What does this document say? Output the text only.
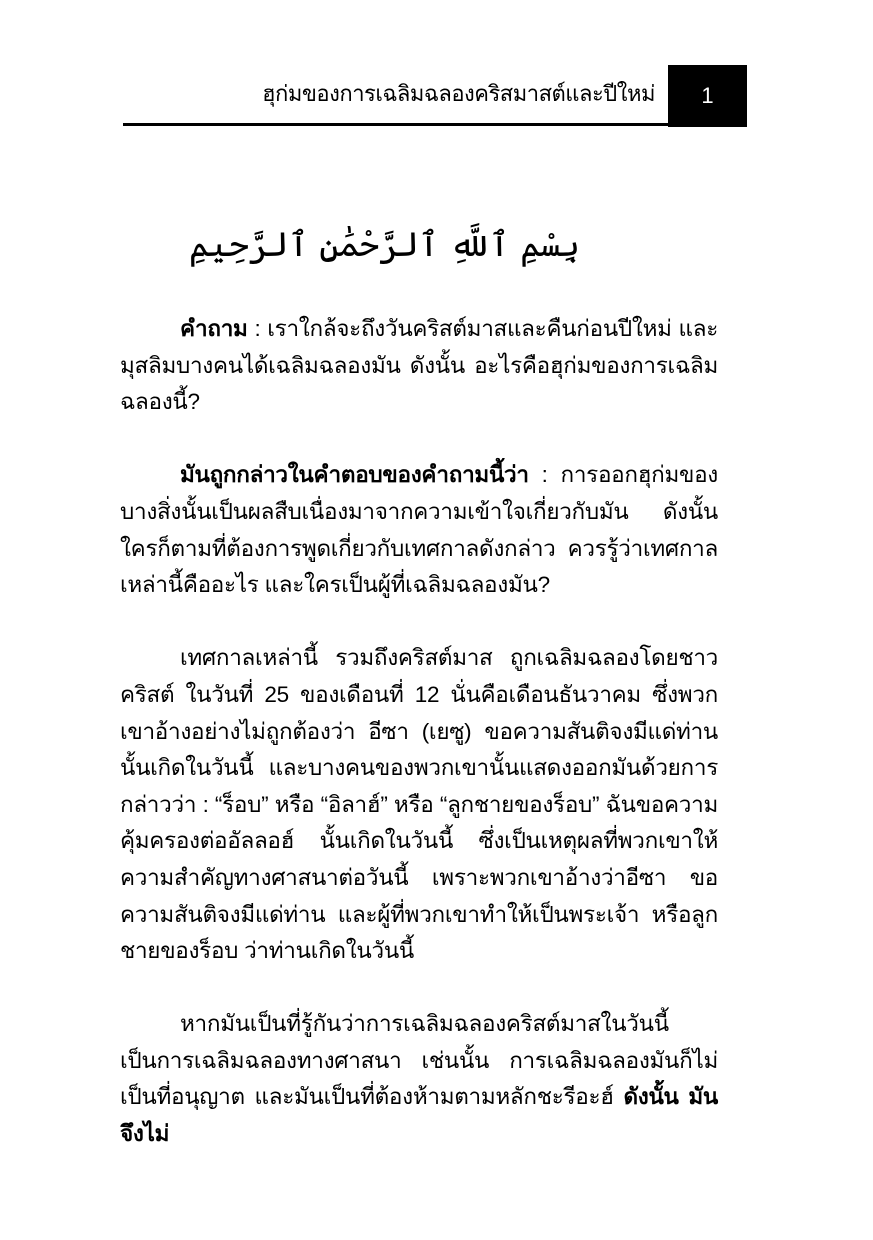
ฮุก่มของการเฉลิมฉลองคริสมาสต์และปีใหม่ 1
بِسْمِ ٱللَّهِ ٱلرَّحْمَٰنِ ٱلرَّحِيمِ

คำถาม : เราใกล้จะถึงวันคริสต์มาสและคืนก่อนปีใหม่ และมุสลิมบางคนได้เฉลิมฉลองมัน ดังนั้น อะไรคือฮุก่มของการเฉลิมฉลองนี้?

มันถูกกล่าวในคำตอบของคำถามนี้ว่า : การออกฮุก่มของบางสิ่งนั้นเป็นผลสืบเนื่องมาจากความเข้าใจเกี่ยวกับมัน ดังนั้น ใครก็ตามที่ต้องการพูดเกี่ยวกับเทศกาลดังกล่าว ควรรู้ว่าเทศกาลเหล่านี้คืออะไร และใครเป็นผู้ที่เฉลิมฉลองมัน?

เทศกาลเหล่านี้ รวมถึงคริสต์มาส ถูกเฉลิมฉลองโดยชาวคริสต์ ในวันที่ 25 ของเดือนที่ 12 นั่นคือเดือนธันวาคม ซึ่งพวกเขาอ้างอย่างไม่ถูกต้องว่า อีซา (เยซู) ขอความสันติจงมีแด่ท่าน นั้นเกิดในวันนี้ และบางคนของพวกเขานั้นแสดงออกมันด้วยการกล่าวว่า : “ร็อบ” หรือ “อิลาฮ์” หรือ “ลูกชายของร็อบ” ฉันขอความคุ้มครองต่ออัลลอฮ์ นั้นเกิดในวันนี้ ซึ่งเป็นเหตุผลที่พวกเขาให้ความสำคัญทางศาสนาต่อวันนี้ เพราะพวกเขาอ้างว่าอีซา ขอความสันติจงมีแด่ท่าน และผู้ที่พวกเขาทำให้เป็นพระเจ้า หรือลูกชายของร็อบ ว่าท่านเกิดในวันนี้

หากมันเป็นที่รู้กันว่าการเฉลิมฉลองคริสต์มาสในวันนี้เป็นการเฉลิมฉลองทางศาสนา เช่นนั้น การเฉลิมฉลองมันก็ไม่เป็นที่อนุญาต และมันเป็นที่ต้องห้ามตามหลักชะรีอะฮ์ ดังนั้น มันจึงไม่
